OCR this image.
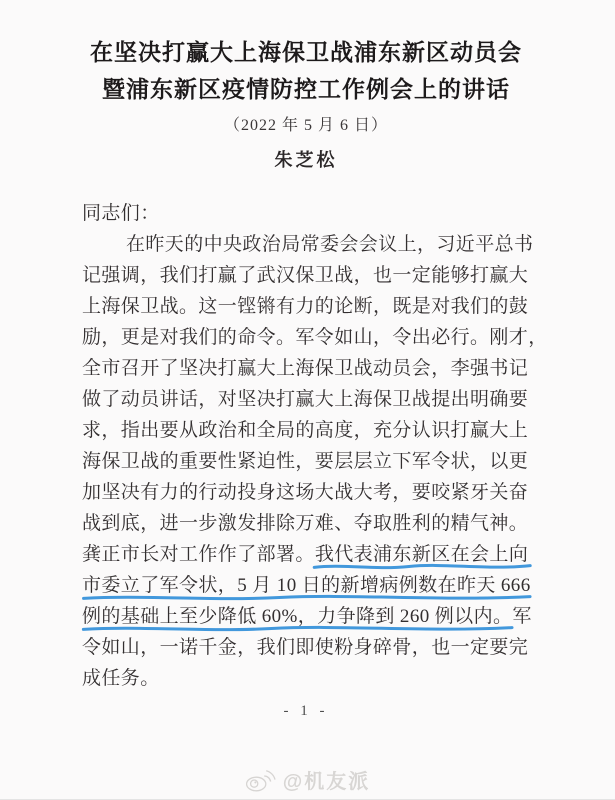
在坚决打赢大上海保卫战浦东新区动员会
暨浦东新区疫情防控工作例会上的讲话
（2022 年 5 月 6 日）
朱芝松
同志们：
在昨天的中央政治局常委会会议上，习近平总书
记强调，我们打赢了武汉保卫战，也一定能够打赢大
上海保卫战。这一铿锵有力的论断，既是对我们的鼓
励，更是对我们的命令。军令如山，令出必行。刚才，
全市召开了坚决打赢大上海保卫战动员会，李强书记
做了动员讲话，对坚决打赢大上海保卫战提出明确要
求，指出要从政治和全局的高度，充分认识打赢大上
海保卫战的重要性紧迫性，要层层立下军令状，以更
加坚决有力的行动投身这场大战大考，要咬紧牙关奋
战到底，进一步激发排除万难、夺取胜利的精气神。
龚正市长对工作作了部署。我代表浦东新区在会上向
市委立了军令状，5 月 10 日的新增病例数在昨天 666
例的基础上至少降低 60%，力争降到 260 例以内。
军
令如山，一诺千金，我们即使粉身碎骨，也一定要完
成任务。
- 1 -
@机友派
